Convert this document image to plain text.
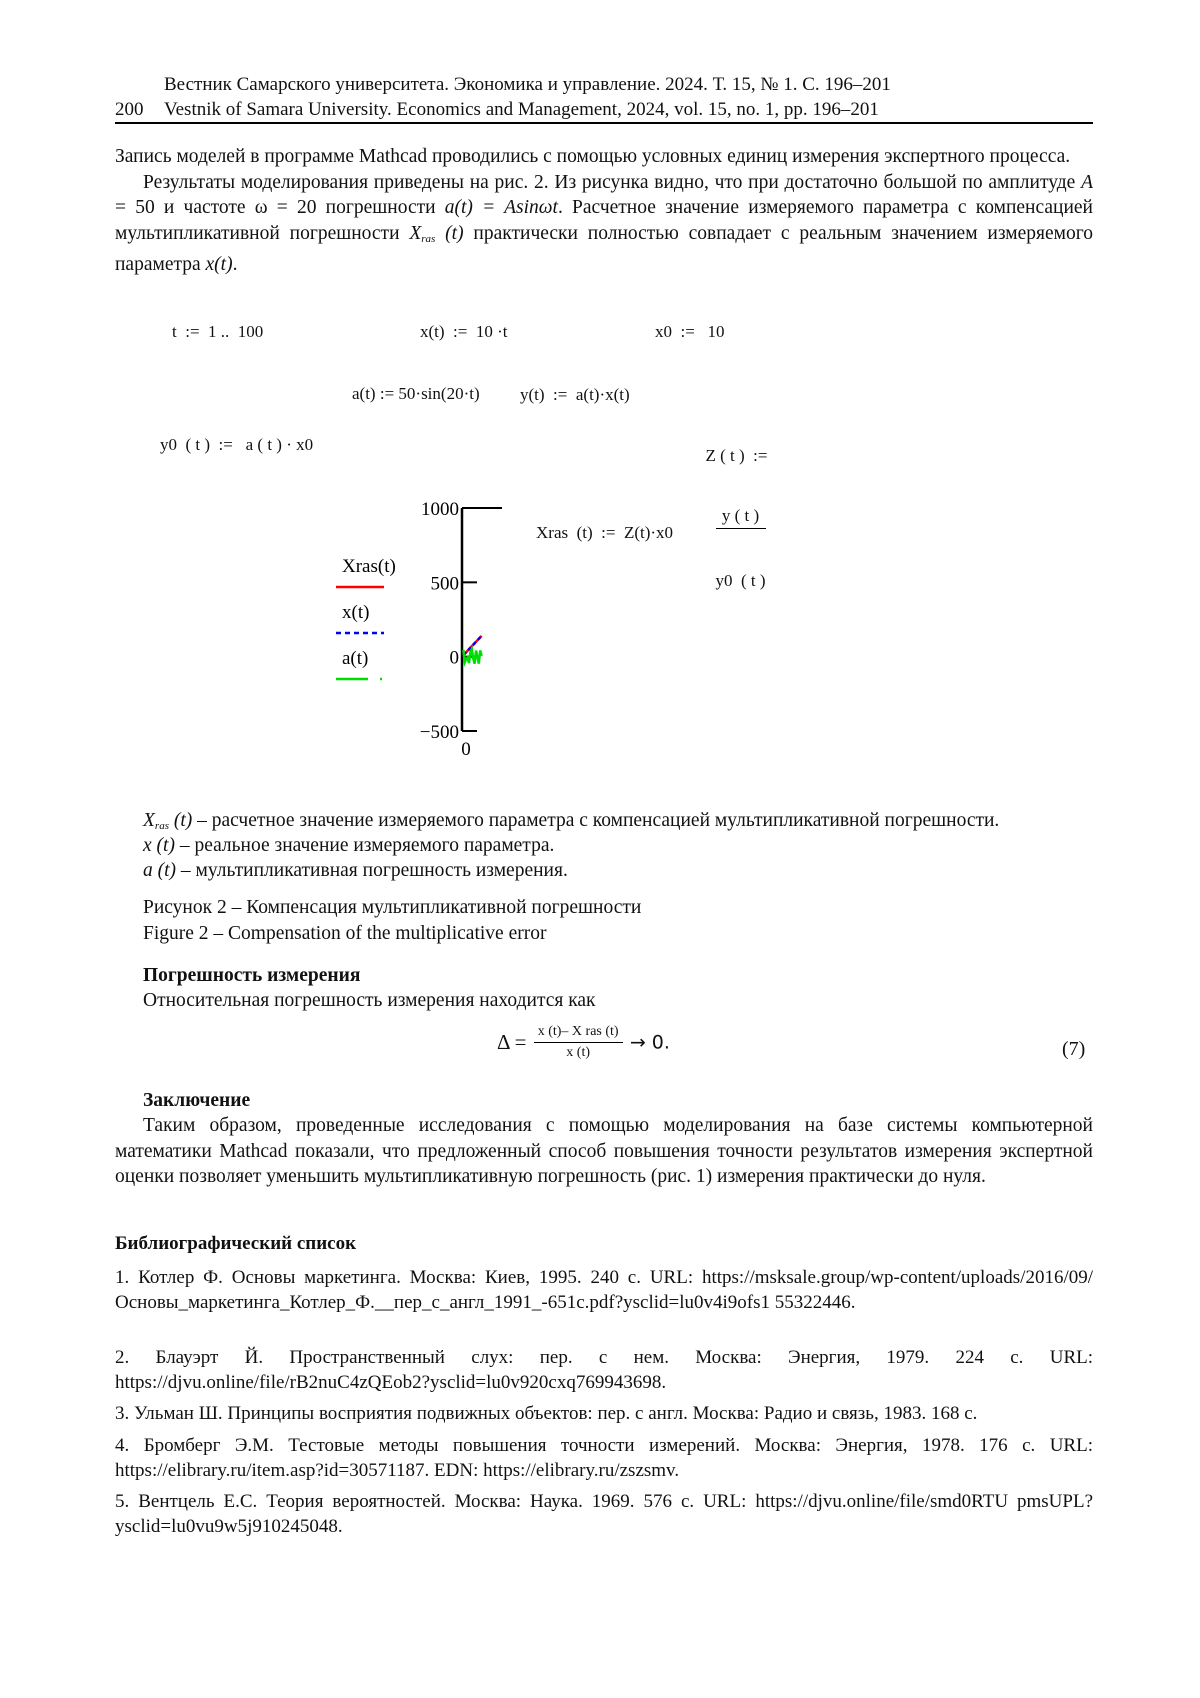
Вестник Самарского университета. Экономика и управление. 2024. Т. 15, № 1. С. 196–201
200 Vestnik of Samara University. Economics and Management, 2024, vol. 15, no. 1, pp. 196–201

Запись моделей в программе Mathcad проводились с помощью условных единиц измерения экспертного процесса.

Результаты моделирования приведены на рис. 2. Из рисунка видно, что при достаточно большой по амплитуде A = 50 и частоте ω = 20 погрешности a(t) = Asinωt. Расчетное значение измеряемого параметра с компенсацией мультипликативной погрешности $X_{ras}$ (t) практически полностью совпадает с реальным значением измеряемого параметра x(t).

t  :=  1 ..  100	x(t)  :=  10 ·t	x0  :=   10
a(t) := 50·sin(20·t) y(t)  :=  a(t)·x(t)
y0  ( t )  :=   a ( t ) · x0

Z ( t )  :=

$\frac{y ( t )}{y0 ( t )}$

Xras  (t)  :=  Z(t)·x0
Xras(t)
x(t)
a(t)
1000
500
0
−500
0
$X_{ras}$ (t) – расчетное значение измеряемого параметра с компенсацией мультипликативной погрешности.
x (t) – реальное значение измеряемого параметра.
a (t) – мультипликативная погрешность измерения.
Рисунок 2 – Компенсация мультипликативной погрешности
Figure 2 – Compensation of the multiplicative error
Погрешность измерения
Относительная погрешность измерения находится как
$\Delta = \frac{\text{x (t)– X ras (t)}}{x (t)} \to 0$.	(7)
Заключение
Таким образом, проведенные исследования с помощью моделирования на базе системы компьютерной математики Mathcad показали, что предложенный способ повышения точности результатов измерения экспертной оценки позволяет уменьшить мультипликативную погрешность (рис. 1) измерения практически до нуля.
Библиографический список

1. Котлер Ф. Основы маркетинга. Москва: Киев, 1995. 240 с. URL: https://msksale.group/wp-content/uploads/2016/09/Основы_маркетинга_Котлер_Ф.__пер_с_англ_1991_-651c.pdf?ysclid=lu0v4i9ofs1 55322446.

2. Блауэрт Й. Пространственный слух: пер. с нем. Москва: Энергия, 1979. 224 с. URL: https://djvu.online/file/rB2nuC4zQEob2?ysclid=lu0v920cxq769943698.

3. Ульман Ш. Принципы восприятия подвижных объектов: пер. с англ. Москва: Радио и связь, 1983. 168 с.

4. Бромберг Э.М. Тестовые методы повышения точности измерений. Москва: Энергия, 1978. 176 с. URL: https://elibrary.ru/item.asp?id=30571187. EDN: https://elibrary.ru/zszsmv.

5. Вентцель Е.С. Теория вероятностей. Москва: Наука. 1969. 576 с. URL: https://djvu.online/file/smd0RTU pmsUPL?ysclid=lu0vu9w5j910245048.
